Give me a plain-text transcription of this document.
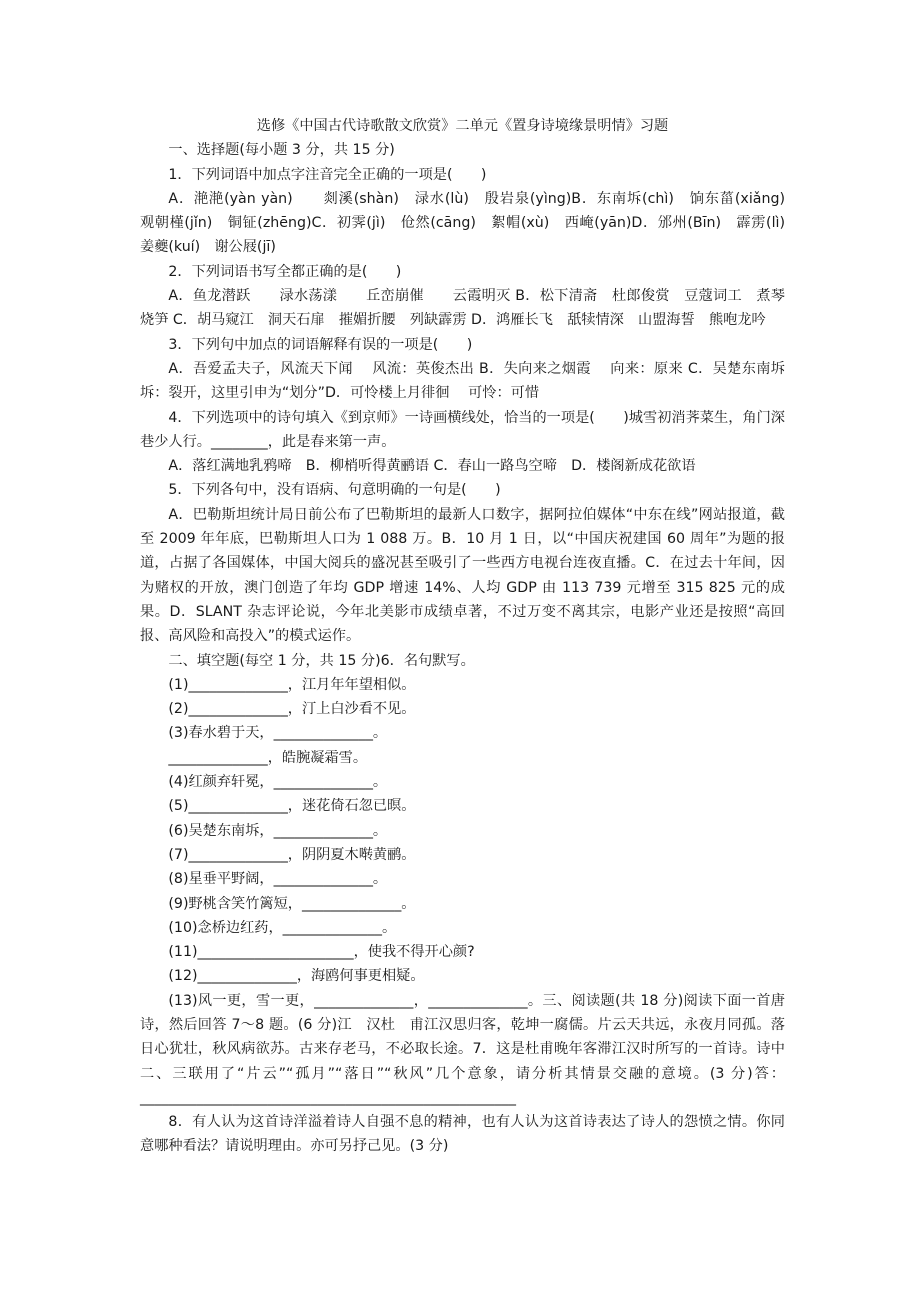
选修《中国古代诗歌散文欣赏》二单元《置身诗境缘景明情》习题

一、选择题(每小题 3 分，共 15 分)

1．下列词语中加点字注音完全正确的一项是(　　)

A．滟滟(yàn yàn)　　剡溪(shàn)　渌水(lù)　殷岩泉(yìng)B．东南坼(chì)　饷东菑(xiǎng)　观朝槿(jǐn)　铜钲(zhēng)C．初霁(jì)　伧然(cāng)　絮帽(xù)　西崦(yān)D．邠州(Bīn)　霹雳(lì)　姜夔(kuí)　谢公屐(jī)

2．下列词语书写全都正确的是(　　)

A．鱼龙潜跃　　渌水荡漾　　丘峦崩催　　云霞明灭 B．松下清斋　杜郎俊赏　豆蔻词工　煮琴烧笋 C．胡马窥江　洞天石扉　摧媚折腰　列缺霹雳 D．鸿雁长飞　舐犊情深　山盟海誓　熊咆龙吟

3．下列句中加点的词语解释有误的一项是(　　)

A．吾爱孟夫子，风流天下闻　 风流：英俊杰出 B．失向来之烟霞　 向来：原来 C．吴楚东南坼　 坼：裂开，这里引申为“划分”D．可怜楼上月徘徊　 可怜：可惜

4．下列选项中的诗句填入《到京师》一诗画横线处，恰当的一项是(　　)城雪初消荠菜生，角门深巷少人行。________，此是春来第一声。

A．落红满地乳鸦啼　B．柳梢听得黄鹂语 C．春山一路鸟空啼　D．楼阁新成花欲语

5．下列各句中，没有语病、句意明确的一句是(　　)

A．巴勒斯坦统计局日前公布了巴勒斯坦的最新人口数字，据阿拉伯媒体“中东在线”网站报道，截至 2009 年年底，巴勒斯坦人口为 1 088 万。B．10 月 1 日，以“中国庆祝建国 60 周年”为题的报道，占据了各国媒体，中国大阅兵的盛况甚至吸引了一些西方电视台连夜直播。C．在过去十年间，因为赌权的开放，澳门创造了年均 GDP 增速 14%、人均 GDP 由 113 739 元增至 315 825 元的成果。D．SLANT 杂志评论说，今年北美影市成绩卓著，不过万变不离其宗，电影产业还是按照“高回报、高风险和高投入”的模式运作。

二、填空题(每空 1 分，共 15 分)6．名句默写。

(1)______________，江月年年望相似。

(2)______________，汀上白沙看不见。

(3)春水碧于天，______________。

______________，皓腕凝霜雪。

(4)红颜弃轩冕，______________。

(5)______________，迷花倚石忽已暝。

(6)吴楚东南坼，______________。

(7)______________，阴阴夏木啭黄鹂。

(8)星垂平野阔，______________。

(9)野桃含笑竹篱短，______________。

(10)念桥边红药，______________。

(11)______________________，使我不得开心颜?

(12)______________，海鸥何事更相疑。

(13)风一更，雪一更，______________，______________。三、阅读题(共 18 分)阅读下面一首唐诗，然后回答 7～8 题。(6 分)江　汉杜　甫江汉思归客，乾坤一腐儒。片云天共远，永夜月同孤。落日心犹壮，秋风病欲苏。古来存老马，不必取长途。7．这是杜甫晚年客滞江汉时所写的一首诗。诗中二、三联用了“片云”“孤月”“落日”“秋风”几个意象，请分析其情景交融的意境。(3 分)答：_____________________________________________________

8．有人认为这首诗洋溢着诗人自强不息的精神，也有人认为这首诗表达了诗人的怨愤之情。你同意哪种看法？请说明理由。亦可另抒己见。(3 分)
